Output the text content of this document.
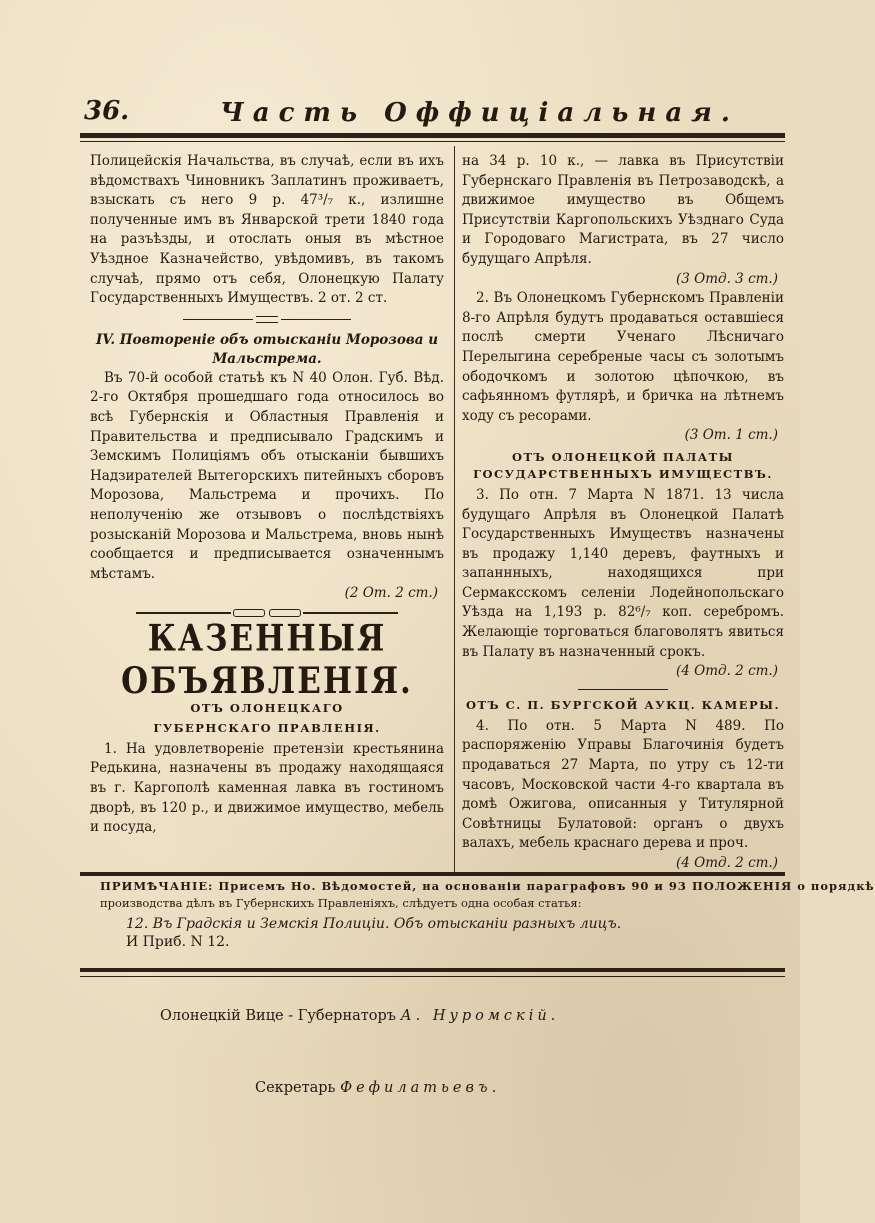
36.	Часть Оффиціальная.

Полицейскія Начальства, въ случаѣ, если въ ихъ вѣдомствахъ Чиновникъ Заплатинъ проживаетъ, взыскать съ него 9 р. 47³/₇ к., излишне полученные имъ въ Январской трети 1840 года на разъѣзды, и отослать оныя въ мѣстное Уѣздное Казначейство, увѣдомивъ, въ такомъ случаѣ, прямо отъ себя, Олонецкую Палату Государственныхъ Имуществъ. 2 от. 2 ст.

IV. Повтореніе объ отысканіи Морозова и Мальстрема.

Въ 70-й особой статьѣ къ N 40 Олон. Губ. Вѣд. 2-го Октября прошедшаго года относилось во всѣ Губернскія и Областныя Правленія и Правительства и предписывало Градскимъ и Земскимъ Полиціямъ объ отысканіи бывшихъ Надзирателей Вытегорскихъ питейныхъ сборовъ Морозова, Мальстрема и прочихъ. По неполученію же отзывовъ о послѣдствіяхъ розысканій Морозова и Мальстрема, вновь нынѣ сообщается и предписывается означеннымъ мѣстамъ.

(2 От. 2 ст.)

КАЗЕННЫЯ ОБЪЯВЛЕНІЯ.

ОТЪ ОЛОНЕЦКАГО

ГУБЕРНСКАГО ПРАВЛЕНІЯ.

1. На удовлетвореніе претензіи крестьянина Редькина, назначены въ продажу находящаяся въ г. Каргополѣ каменная лавка въ гостиномъ дворѣ, въ 120 р., и движимое имущество, мебель и посуда,

на 34 р. 10 к., — лавка въ Присутствіи Губернскаго Правленія въ Петрозаводскѣ, а движимое имущество въ Общемъ Присутствіи Каргопольскихъ Уѣзднаго Суда и Городоваго Магистрата, въ 27 число будущаго Апрѣля.

(3 Отд. 3 ст.)

2. Въ Олонецкомъ Губернскомъ Правленіи 8-го Апрѣля будутъ продаваться оставшіеся послѣ смерти Ученаго Лѣсничаго Перелыгина серебреные часы съ золотымъ ободочкомъ и золотою цѣпочкою, въ сафьянномъ футлярѣ, и бричка на лѣтнемъ ходу съ ресорами.

(3 От. 1 ст.)

ОТЪ ОЛОНЕЦКОЙ ПАЛАТЫ ГОСУДАРСТВЕННЫХЪ ИМУЩЕСТВЪ.

3. По отн. 7 Марта N 1871. 13 числа будущаго Апрѣля въ Олонецкой Палатѣ Государственныхъ Имуществъ назначены въ продажу 1,140 деревъ, фаутныхъ и запаннныхъ, находящихся при Сермаксскомъ селеніи Лодейнопольскаго Уѣзда на 1,193 р. 82⁶/₇ коп. серебромъ. Желающіе торговаться благоволятъ явиться въ Палату въ назначенный срокъ.

(4 Отд. 2 ст.)

ОТЪ С. П. БУРГСКОЙ АУКЦ. КАМЕРЫ.

4. По отн. 5 Марта N 489. По распоряженію Управы Благочинія будетъ продаваться 27 Марта, по утру съ 12-ти часовъ, Московской части 4-го квартала въ домѣ Ожигова, описанныя у Титулярной Совѣтницы Булатовой: органъ о двухъ валахъ, мебель краснаго дерева и проч.

(4 Отд. 2 ст.)

ПРИМѢЧАНІЕ: Присемъ Но. Вѣдомостей, на основаніи параграфовъ 90 и 93 ПОЛОЖЕНІЯ о порядкѣ
производства дѣлъ въ Губернскихъ Правленіяхъ, слѣдуетъ одна особая статья:
12. Въ Градскія и Земскія Полиціи. Объ отысканіи разныхъ лицъ.
И Приб. N 12.
Олонецкій Вице - Губернаторъ А. Нуромскій.
Секретарь Фефилатьевъ.
